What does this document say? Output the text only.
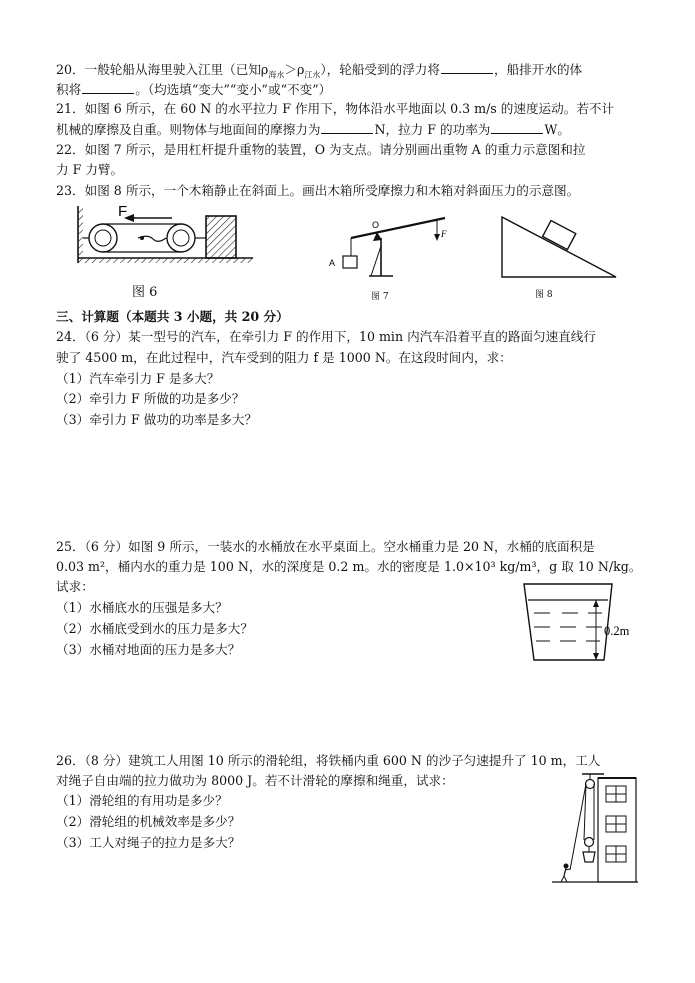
20．一般轮船从海里驶入江里（已知$\rho_{海水}>\rho_{江水}$），轮船受到的浮力将	，船排开水的体
积将	。（均选填“变大”“变小”或“不变”）
21．如图 6 所示，在 60 N 的水平拉力 F 作用下，物体沿水平地面以 0.3 m/s 的速度运动。若不计
机械的摩擦及自重。则物体与地面间的摩擦力为	N，拉力 F 的功率为	W。
22．如图 7 所示，是用杠杆提升重物的装置，O 为支点。请分别画出重物 A 的重力示意图和拉
力 F 力臂。
23．如图 8 所示，一个木箱静止在斜面上。画出木箱所受摩擦力和木箱对斜面压力的示意图。
F
图 6
O
A
F
图 7	图 8
三、计算题（本题共 3 小题，共 20 分）
24．（6 分）某一型号的汽车，在牵引力 F 的作用下，10 min 内汽车沿着平直的路面匀速直线行
驶了 4500 m，在此过程中，汽车受到的阻力 f 是 1000 N。在这段时间内，求：
（1）汽车牵引力 F 是多大？
（2）牵引力 F 所做的功是多少？
（3）牵引力 F 做功的功率是多大？
25．（6 分）如图 9 所示，一装水的水桶放在水平桌面上。空水桶重力是 20 N，水桶的底面积是
0.03 m²，桶内水的重力是 100 N，水的深度是 0.2 m。水的密度是 1.0×10³ kg/m³，g 取 10 N/kg。
试求：
（1）水桶底水的压强是多大？
（2）水桶底受到水的压力是多大？
（3）水桶对地面的压力是多大？
0.2m
26．（8 分）建筑工人用图 10 所示的滑轮组，将铁桶内重 600 N 的沙子匀速提升了 10 m，工人
对绳子自由端的拉力做功为 8000 J。若不计滑轮的摩擦和绳重，试求：
（1）滑轮组的有用功是多少？
（2）滑轮组的机械效率是多少？
（3）工人对绳子的拉力是多大？
